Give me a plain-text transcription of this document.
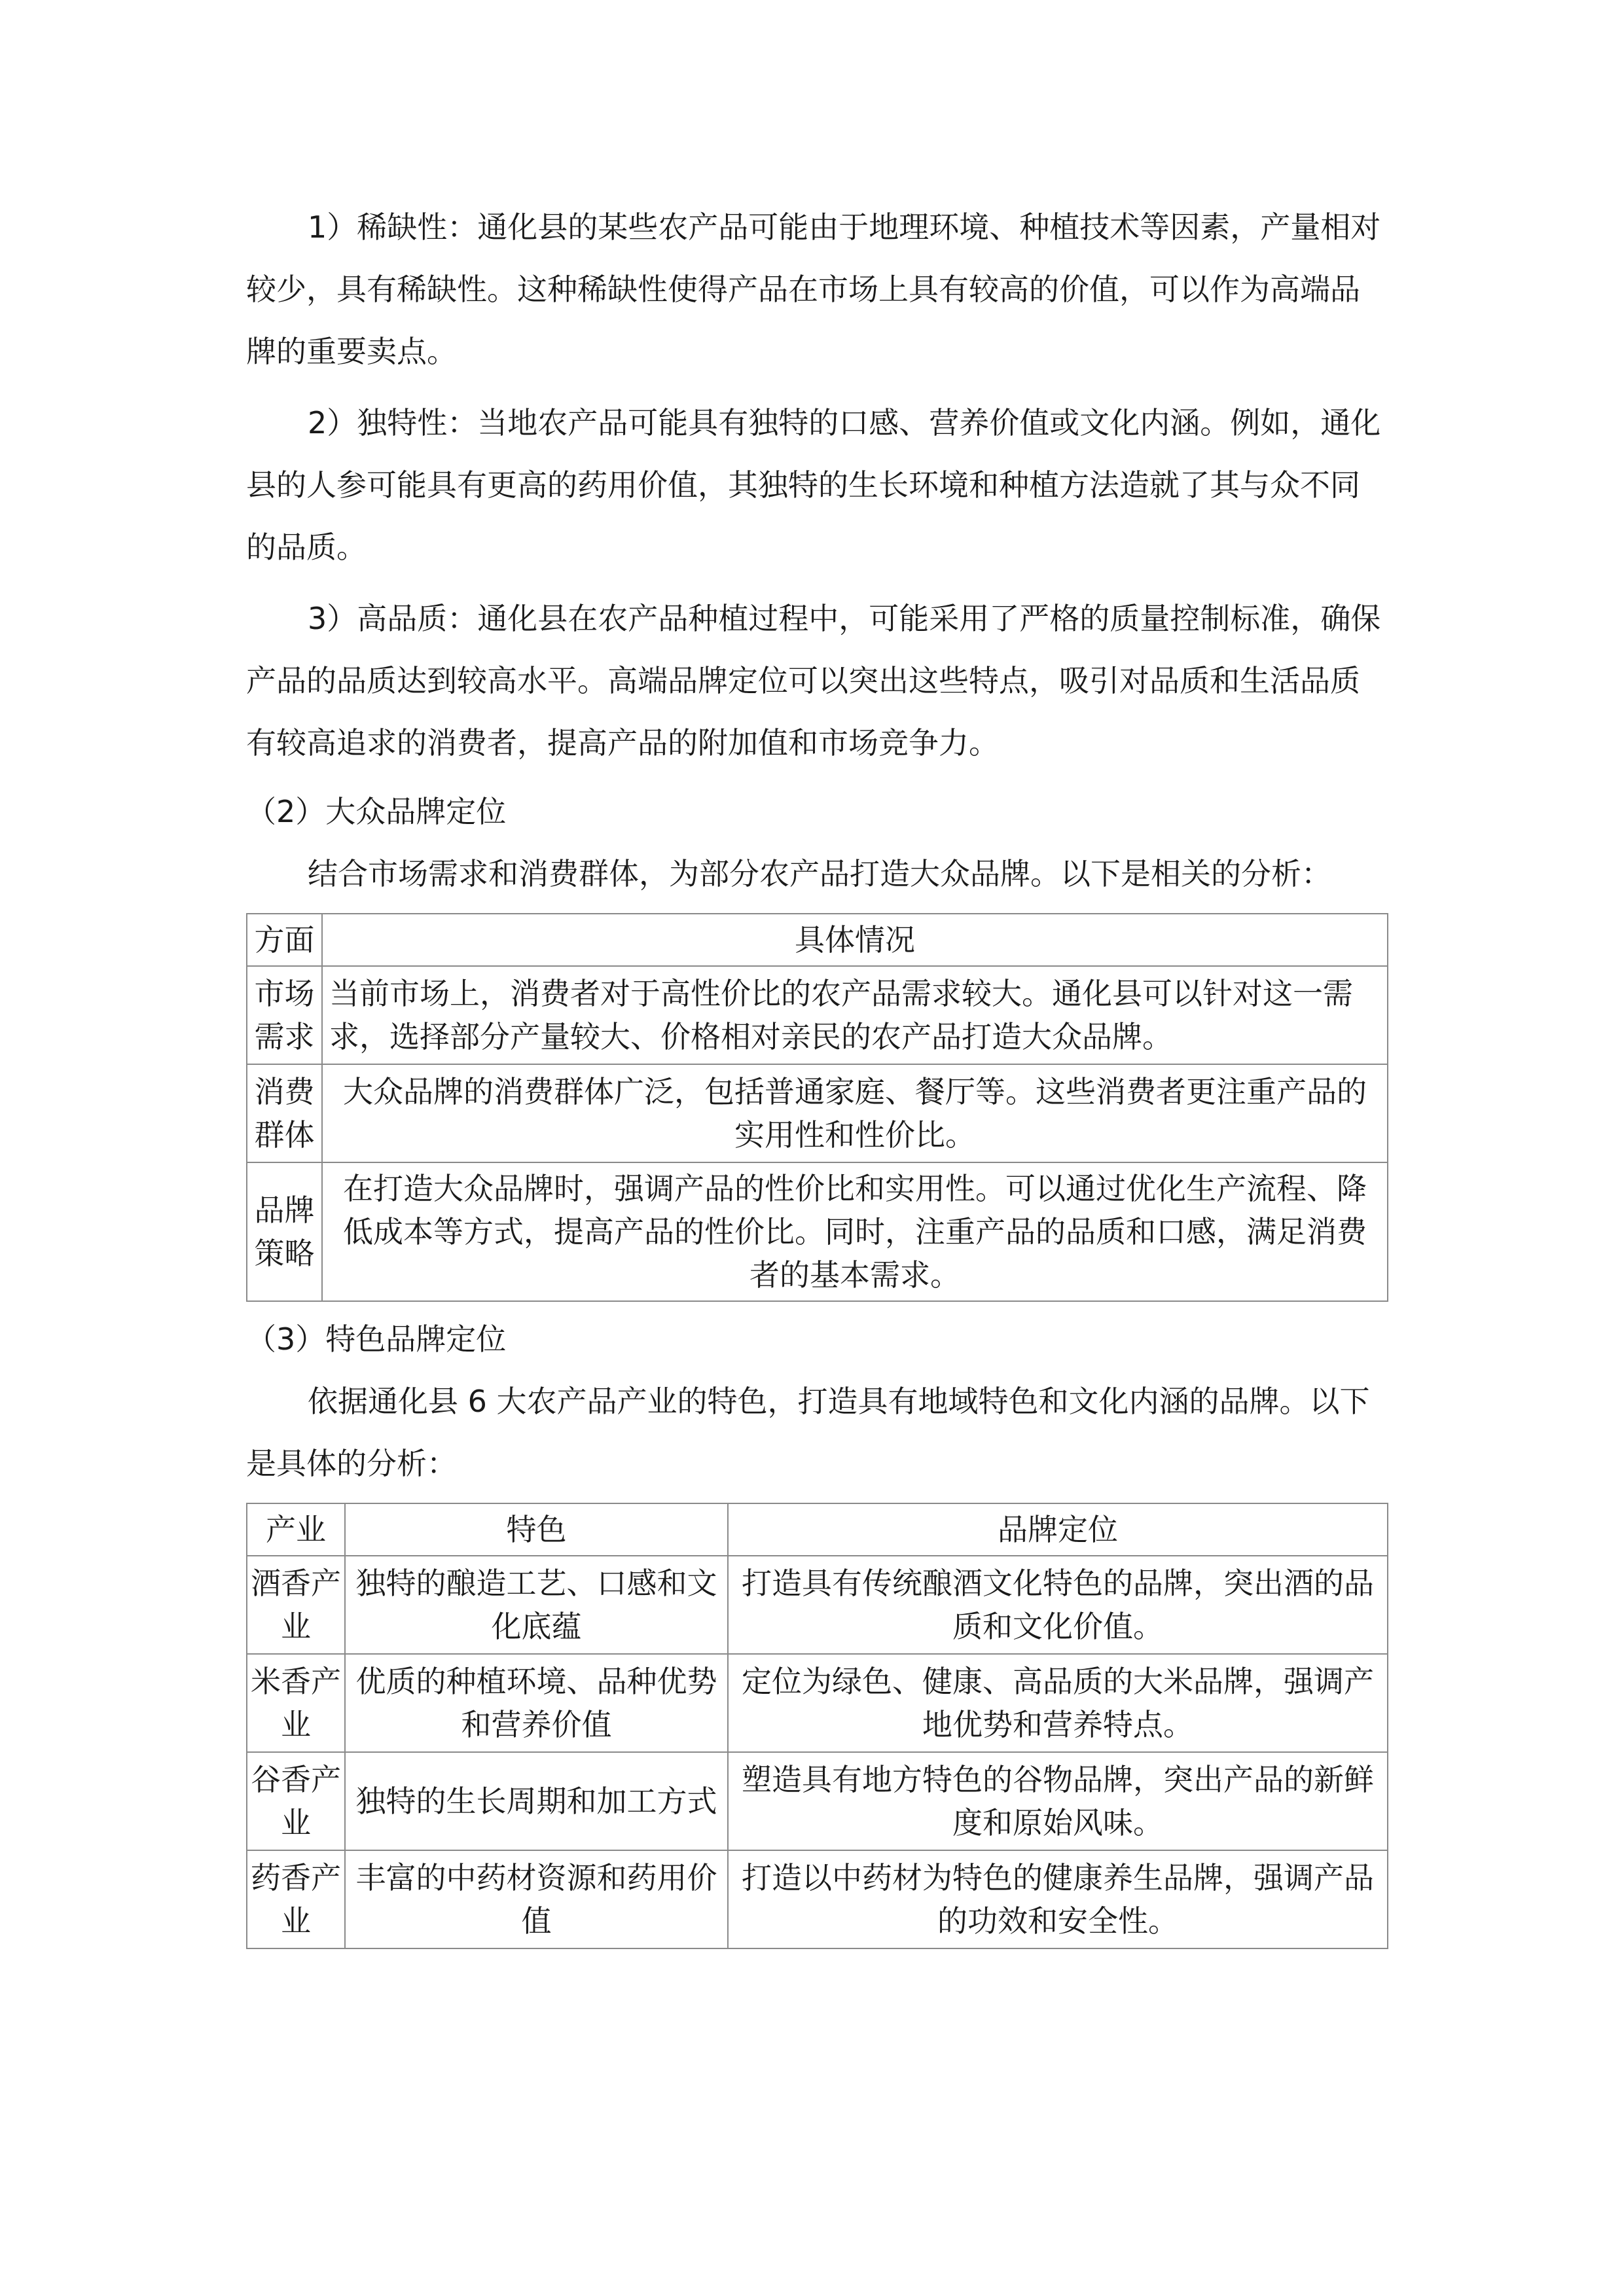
1）稀缺性：通化县的某些农产品可能由于地理环境、种植技术等因素，产量相对较少，具有稀缺性。这种稀缺性使得产品在市场上具有较高的价值，可以作为高端品牌的重要卖点。

2）独特性：当地农产品可能具有独特的口感、营养价值或文化内涵。例如，通化县的人参可能具有更高的药用价值，其独特的生长环境和种植方法造就了其与众不同的品质。

3）高品质：通化县在农产品种植过程中，可能采用了严格的质量控制标准，确保产品的品质达到较高水平。高端品牌定位可以突出这些特点，吸引对品质和生活品质有较高追求的消费者，提高产品的附加值和市场竞争力。

（2）大众品牌定位

结合市场需求和消费群体，为部分农产品打造大众品牌。以下是相关的分析：

方面	具体情况
市场需求	当前市场上，消费者对于高性价比的农产品需求较大。通化县可以针对这一需求，选择部分产量较大、价格相对亲民的农产品打造大众品牌。
消费群体	大众品牌的消费群体广泛，包括普通家庭、餐厅等。这些消费者更注重产品的实用性和性价比。
品牌策略	在打造大众品牌时，强调产品的性价比和实用性。可以通过优化生产流程、降低成本等方式，提高产品的性价比。同时，注重产品的品质和口感，满足消费者的基本需求。

（3）特色品牌定位

依据通化县 6 大农产品产业的特色，打造具有地域特色和文化内涵的品牌。以下是具体的分析：

产业	特色	品牌定位
酒香产业	独特的酿造工艺、口感和文化底蕴	打造具有传统酿酒文化特色的品牌，突出酒的品质和文化价值。
米香产业	优质的种植环境、品种优势和营养价值	定位为绿色、健康、高品质的大米品牌，强调产地优势和营养特点。
谷香产业	独特的生长周期和加工方式	塑造具有地方特色的谷物品牌，突出产品的新鲜度和原始风味。
药香产业	丰富的中药材资源和药用价值	打造以中药材为特色的健康养生品牌，强调产品的功效和安全性。
